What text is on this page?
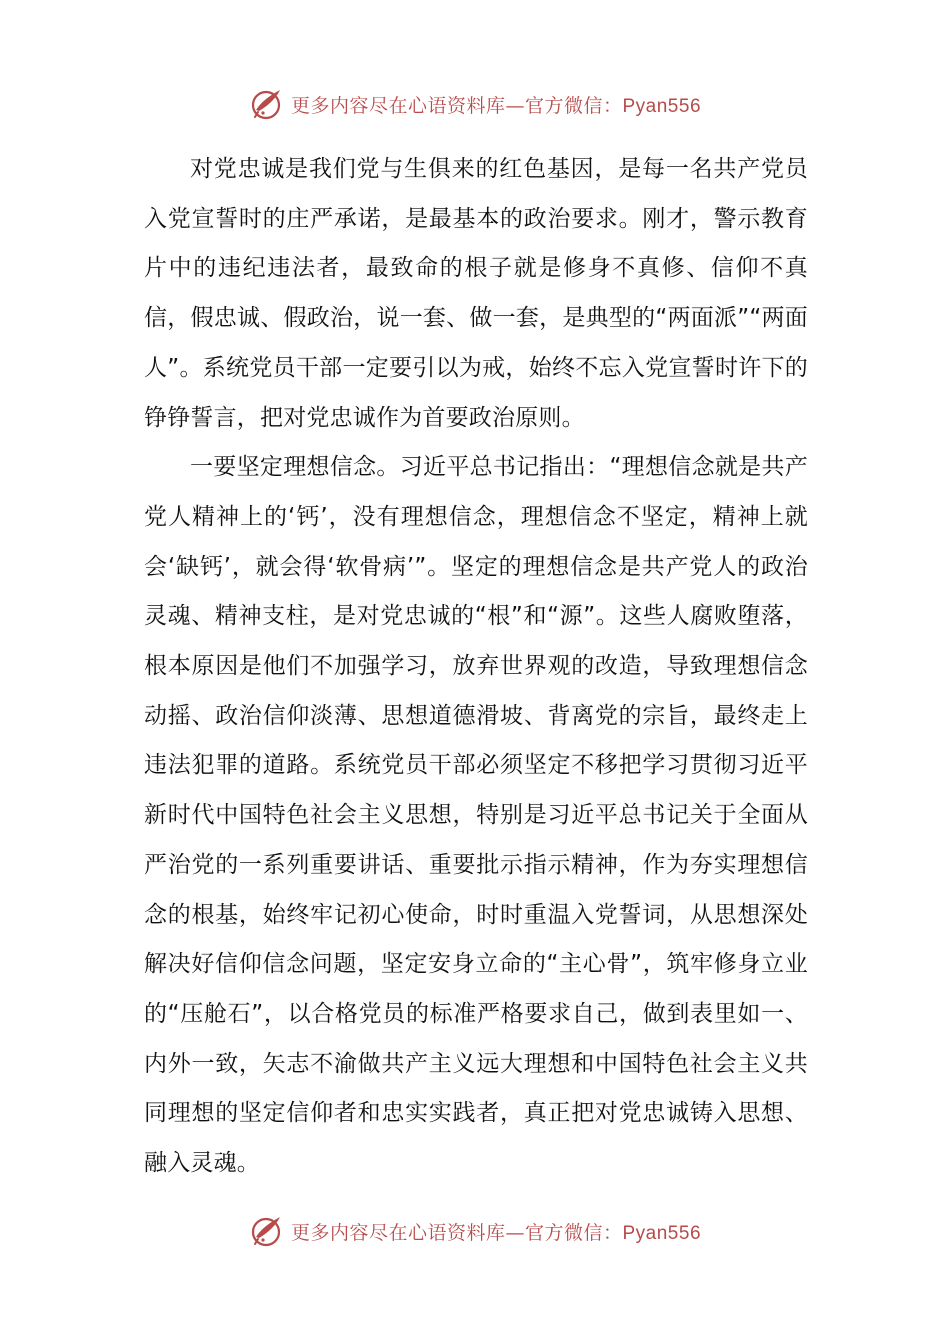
更多内容尽在心语资料库—官方微信：Pyan556

对党忠诚是我们党与生俱来的红色基因，是每一名共产党员入党宣誓时的庄严承诺，是最基本的政治要求。刚才，警示教育片中的违纪违法者，最致命的根子就是修身不真修、信仰不真信，假忠诚、假政治，说一套、做一套，是典型的“两面派”“两面人”。系统党员干部一定要引以为戒，始终不忘入党宣誓时许下的铮铮誓言，把对党忠诚作为首要政治原则。

一要坚定理想信念。习近平总书记指出：“理想信念就是共产党人精神上的‘钙’，没有理想信念，理想信念不坚定，精神上就会‘缺钙’，就会得‘软骨病’”。坚定的理想信念是共产党人的政治灵魂、精神支柱，是对党忠诚的“根”和“源”。这些人腐败堕落，根本原因是他们不加强学习，放弃世界观的改造，导致理想信念动摇、政治信仰淡薄、思想道德滑坡、背离党的宗旨，最终走上违法犯罪的道路。系统党员干部必须坚定不移把学习贯彻习近平新时代中国特色社会主义思想，特别是习近平总书记关于全面从严治党的一系列重要讲话、重要批示指示精神，作为夯实理想信念的根基，始终牢记初心使命，时时重温入党誓词，从思想深处解决好信仰信念问题，坚定安身立命的“主心骨”，筑牢修身立业的“压舱石”，以合格党员的标准严格要求自己，做到表里如一、内外一致，矢志不渝做共产主义远大理想和中国特色社会主义共同理想的坚定信仰者和忠实实践者，真正把对党忠诚铸入思想、融入灵魂。

更多内容尽在心语资料库—官方微信：Pyan556
